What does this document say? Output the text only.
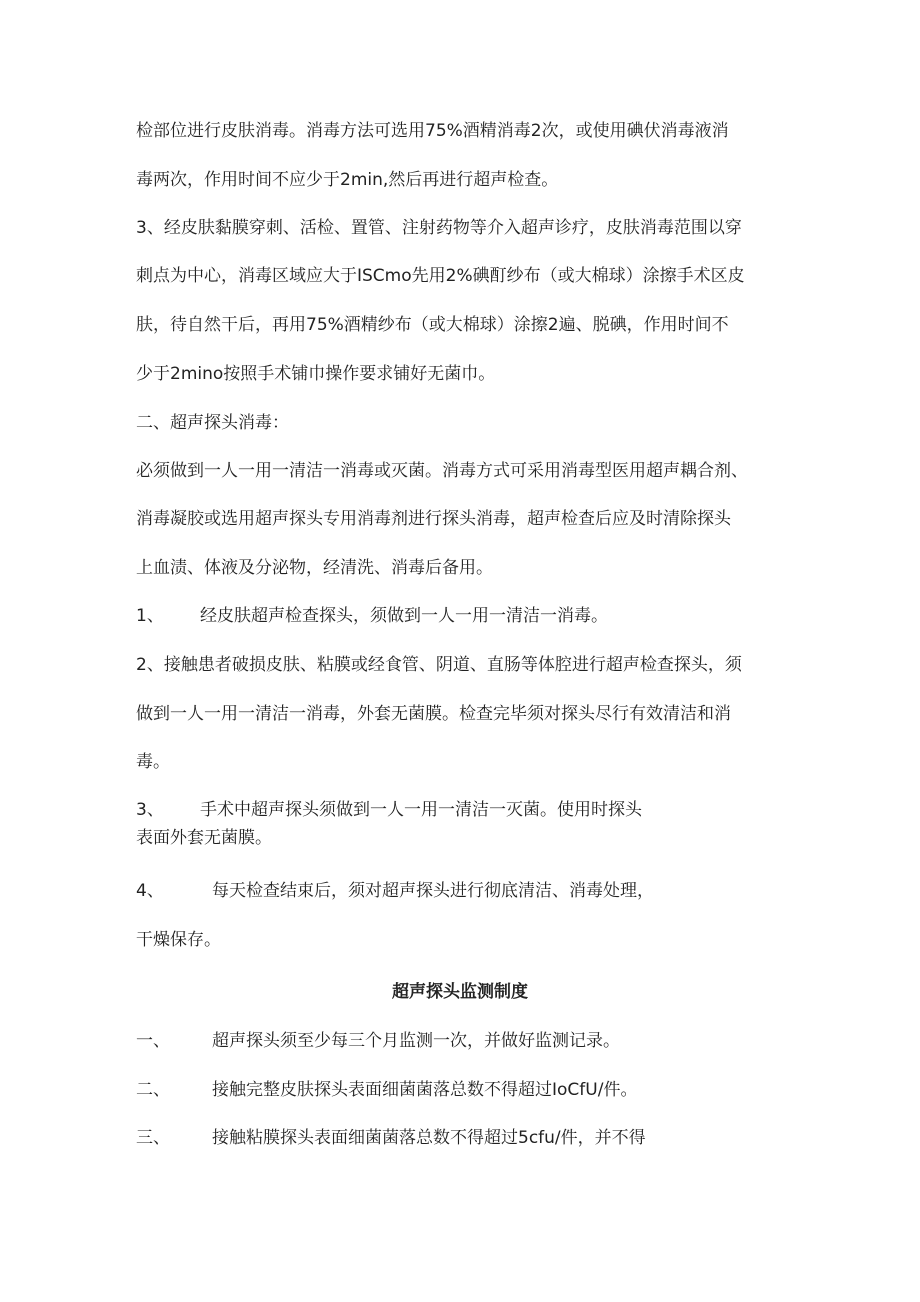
检部位进行皮肤消毒。消毒方法可选用75%酒精消毒2次，或使用碘伏消毒液消

毒两次，作用时间不应少于2min,然后再进行超声检查。

3、经皮肤黏膜穿刺、活检、置管、注射药物等介入超声诊疗，皮肤消毒范围以穿

刺点为中心，消毒区域应大于ISCmo先用2%碘酊纱布（或大棉球）涂擦手术区皮

肤，待自然干后，再用75%酒精纱布（或大棉球）涂擦2遍、脱碘，作用时间不

少于2mino按照手术铺巾操作要求铺好无菌巾。

二、超声探头消毒：

必须做到一人一用一清洁一消毒或灭菌。消毒方式可采用消毒型医用超声耦合剂、

消毒凝胶或选用超声探头专用消毒剂进行探头消毒，超声检查后应及时清除探头

上血渍、体液及分泌物，经清洗、消毒后备用。

1、 经皮肤超声检查探头，须做到一人一用一清洁一消毒。

2、接触患者破损皮肤、粘膜或经食管、阴道、直肠等体腔进行超声检查探头，须

做到一人一用一清洁一消毒，外套无菌膜。检查完毕须对探头尽行有效清洁和消

毒。

3、 手术中超声探头须做到一人一用一清洁一灭菌。使用时探头

表面外套无菌膜。

4、	每天检查结束后，须对超声探头进行彻底清洁、消毒处理，

干燥保存。

超声探头监测制度

一、 超声探头须至少每三个月监测一次，并做好监测记录。

二、 接触完整皮肤探头表面细菌菌落总数不得超过IoCfU/件。

三、 接触粘膜探头表面细菌菌落总数不得超过5cfu/件，并不得
